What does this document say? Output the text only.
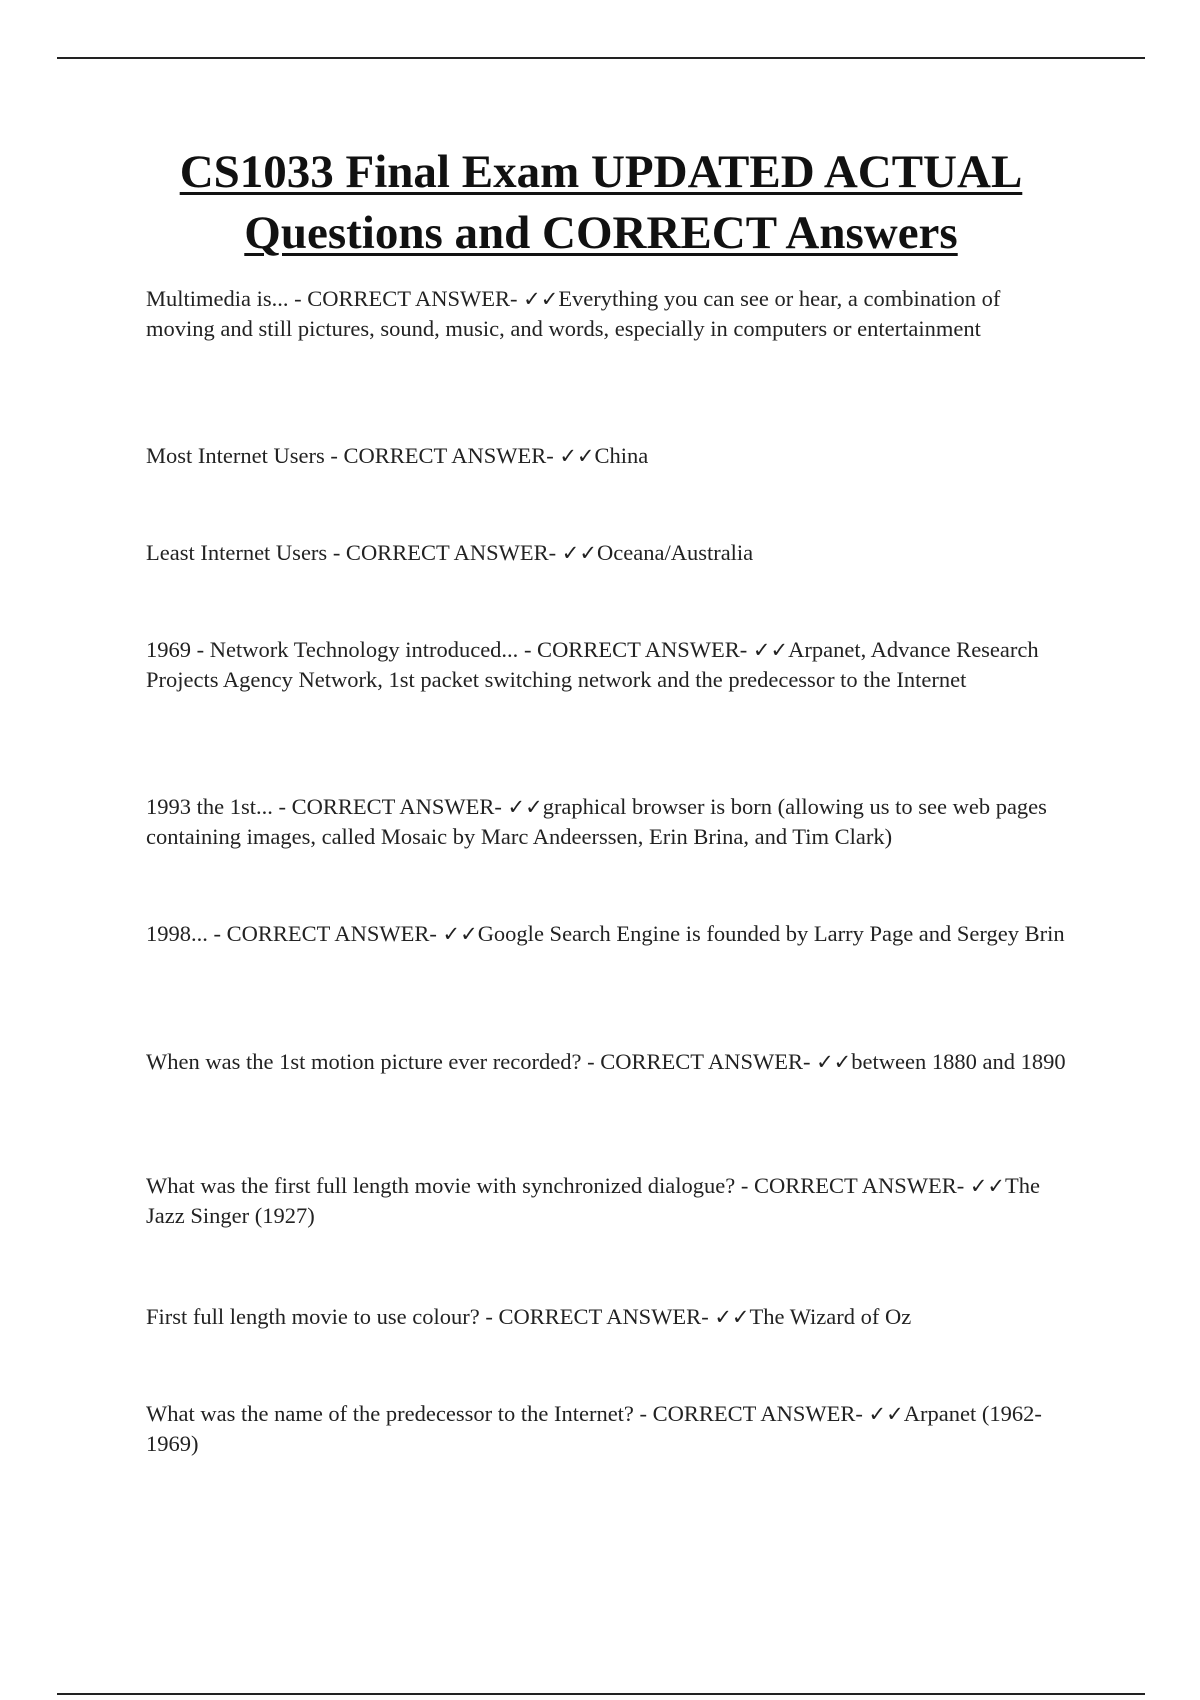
CS1033 Final Exam UPDATED ACTUAL
Questions and CORRECT Answers

Multimedia is... - CORRECT ANSWER- ✓✓Everything you can see or hear, a combination of moving and still pictures, sound, music, and words, especially in computers or entertainment

Most Internet Users - CORRECT ANSWER- ✓✓China

Least Internet Users - CORRECT ANSWER- ✓✓Oceana/Australia

1969 - Network Technology introduced... - CORRECT ANSWER- ✓✓Arpanet, Advance Research Projects Agency Network, 1st packet switching network and the predecessor to the Internet

1993 the 1st... - CORRECT ANSWER- ✓✓graphical browser is born (allowing us to see web pages containing images, called Mosaic by Marc Andeerssen, Erin Brina, and Tim Clark)

1998... - CORRECT ANSWER- ✓✓Google Search Engine is founded by Larry Page and Sergey Brin

When was the 1st motion picture ever recorded? - CORRECT ANSWER- ✓✓between 1880 and 1890

What was the first full length movie with synchronized dialogue? - CORRECT ANSWER- ✓✓The Jazz Singer (1927)

First full length movie to use colour? - CORRECT ANSWER- ✓✓The Wizard of Oz

What was the name of the predecessor to the Internet? - CORRECT ANSWER- ✓✓Arpanet (1962-1969)
